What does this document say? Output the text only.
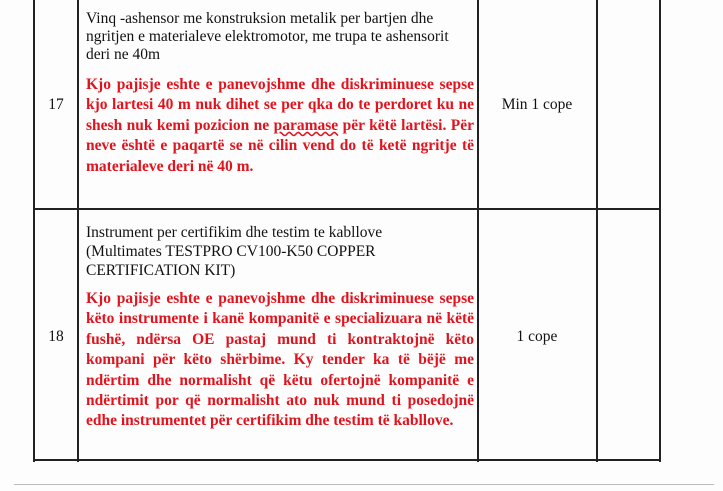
17
Vinq -ashensor me konstruksion metalik per bartjen dhe ngritjen e materialeve elektromotor, me trupa te ashensorit deri ne 40m
Kjo pajisje eshte e panevojshme dhe diskriminuese sepse kjo lartesi 40 m nuk dihet se per qka do te perdoret ku ne shesh nuk kemi pozicion ne paramase për këtë lartësi. Për neve është e paqartë se në cilin vend do të ketë ngritje të materialeve deri në 40 m.
Min 1 cope
18
Instrument per certifikim dhe testim te kabllove (Multimates TESTPRO CV100-K50 COPPER CERTIFICATION KIT)
Kjo pajisje eshte e panevojshme dhe diskriminuese sepse këto instrumente i kanë kompanitë e specializuara në këtë fushë, ndërsa OE pastaj mund ti kontraktojnë këto kompani për këto shërbime. Ky tender ka të bëjë me ndërtim dhe normalisht që këtu ofertojnë kompanitë e ndërtimit por që normalisht ato nuk mund ti posedojnë edhe instrumentet për certifikim dhe testim të kabllove.
1 cope
